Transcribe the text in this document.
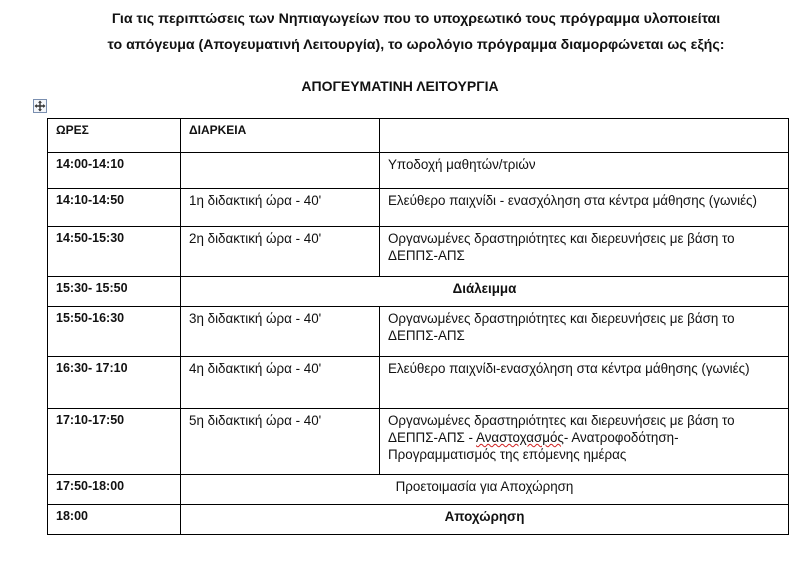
Για τις περιπτώσεις των Νηπιαγωγείων που το υποχρεωτικό τους πρόγραμμα υλοποιείται
το απόγευμα (Απογευματινή Λειτουργία), το ωρολόγιο πρόγραμμα διαμορφώνεται ως εξής:
ΑΠΟΓΕΥΜΑΤΙΝΗ ΛΕΙΤΟΥΡΓΙΑ
ΩΡΕΣ	ΔΙΑΡΚΕΙΑ	
14:00-14:10		Υποδοχή μαθητών/τριών
14:10-14:50	1η διδακτική ώρα - 40'	Ελεύθερο παιχνίδι - ενασχόληση στα κέντρα μάθησης (γωνιές)
14:50-15:30	2η διδακτική ώρα - 40'	Οργανωμένες δραστηριότητες και διερευνήσεις με βάση το ΔΕΠΠΣ-ΑΠΣ
15:30- 15:50	Διάλειμμα	
15:50-16:30	3η διδακτική ώρα - 40'	Οργανωμένες δραστηριότητες και διερευνήσεις με βάση το ΔΕΠΠΣ-ΑΠΣ
16:30- 17:10	4η διδακτική ώρα - 40'	Ελεύθερο παιχνίδι-ενασχόληση στα κέντρα μάθησης (γωνιές)
17:10-17:50	5η διδακτική ώρα - 40'	Οργανωμένες δραστηριότητες και διερευνήσεις με βάση το ΔΕΠΠΣ-ΑΠΣ - Αναστοχασμός- Ανατροφοδότηση-Προγραμματισμός της επόμενης ημέρας
17:50-18:00	Προετοιμασία για Αποχώρηση	
18:00	Αποχώρηση	
